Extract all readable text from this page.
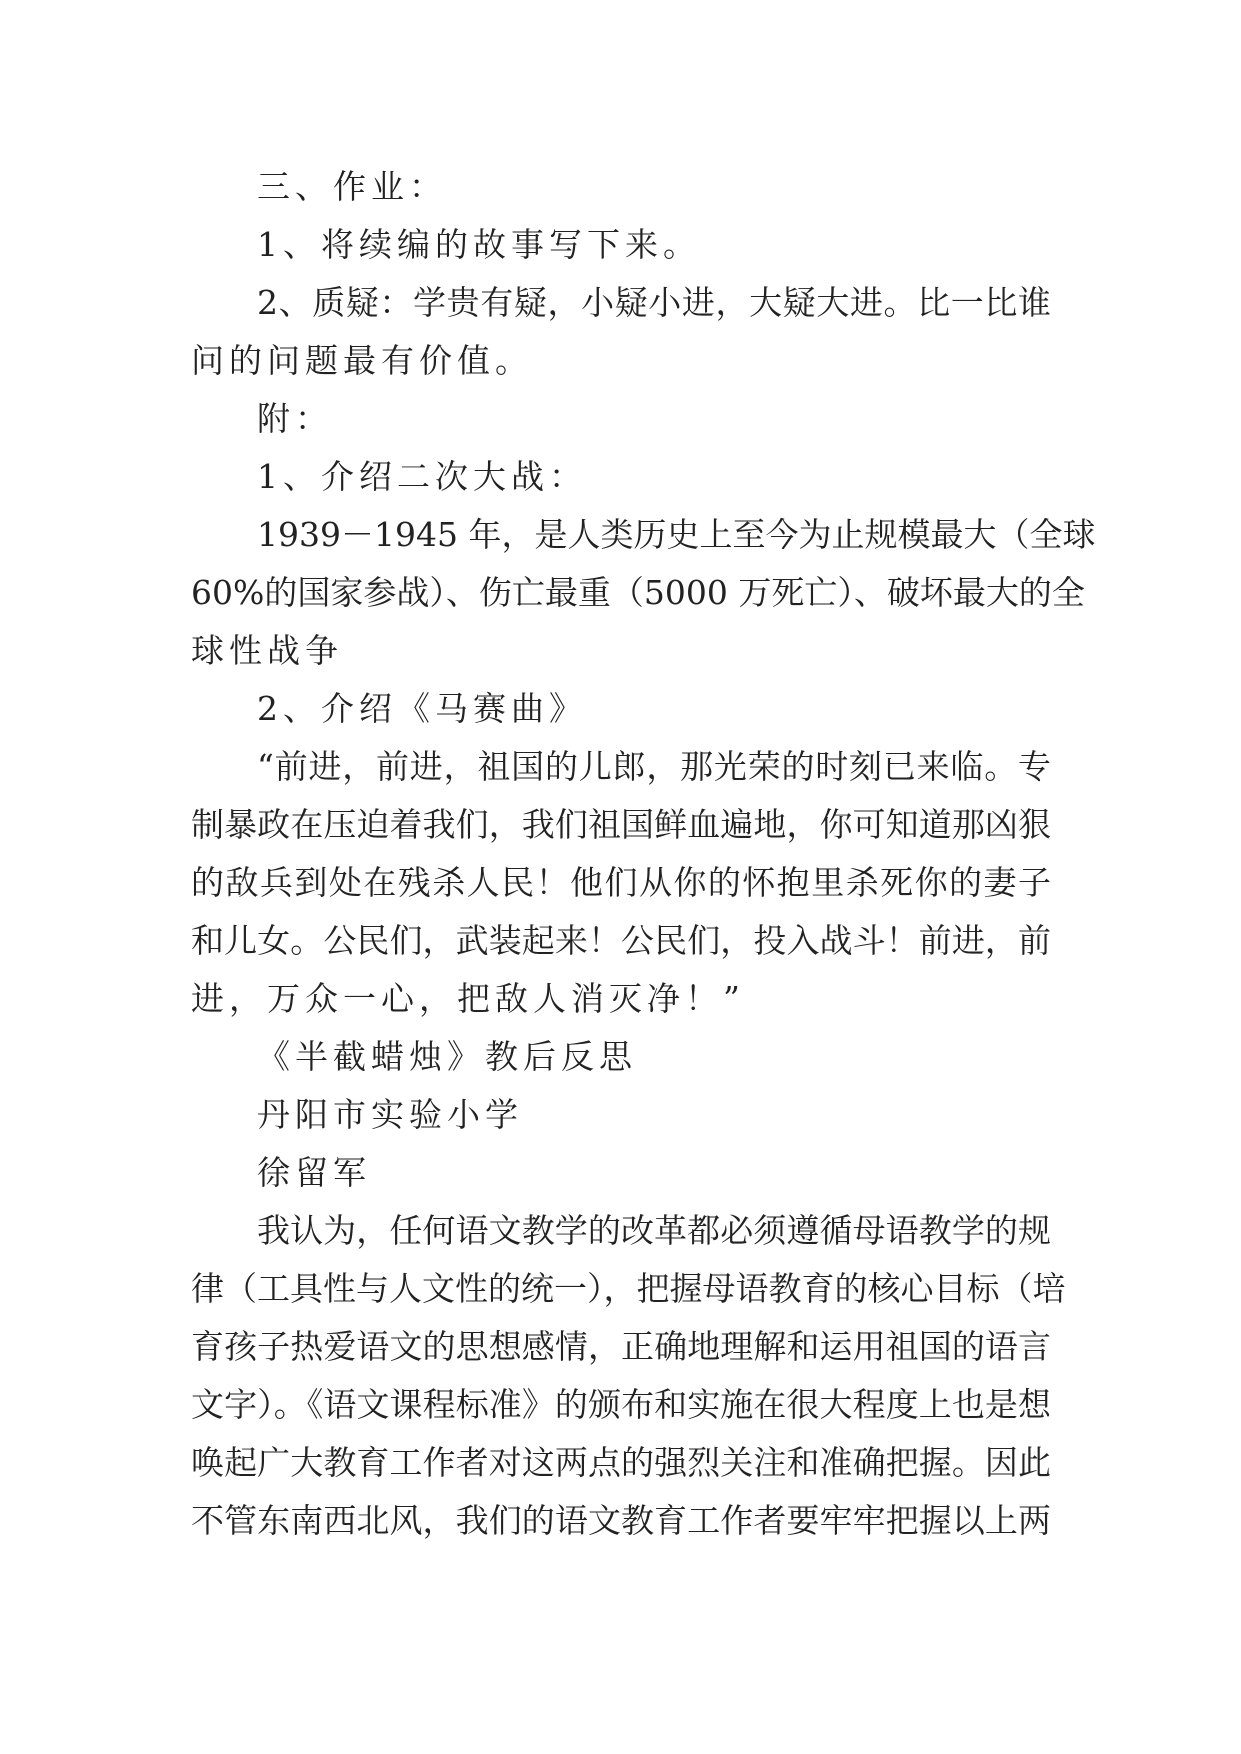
三、作业：
1、将续编的故事写下来。
2、质疑：学贵有疑，小疑小进，大疑大进。比一比谁
问的问题最有价值。
附：
1、介绍二次大战：
1939－1945 年，是人类历史上至今为止规模最大（全球
60%的国家参战）、伤亡最重（5000 万死亡）、破坏最大的全
球性战争
2、介绍《马赛曲》
“前进，前进，祖国的儿郎，那光荣的时刻已来临。专
制暴政在压迫着我们，我们祖国鲜血遍地，你可知道那凶狠
的敌兵到处在残杀人民！他们从你的怀抱里杀死你的妻子
和儿女。公民们，武装起来！公民们，投入战斗！前进，前
进，万众一心，把敌人消灭净！”
《半截蜡烛》教后反思
丹阳市实验小学
徐留军
我认为，任何语文教学的改革都必须遵循母语教学的规
律（工具性与人文性的统一），把握母语教育的核心目标（培
育孩子热爱语文的思想感情，正确地理解和运用祖国的语言
文字）。《语文课程标准》的颁布和实施在很大程度上也是想
唤起广大教育工作者对这两点的强烈关注和准确把握。因此
不管东南西北风，我们的语文教育工作者要牢牢把握以上两
